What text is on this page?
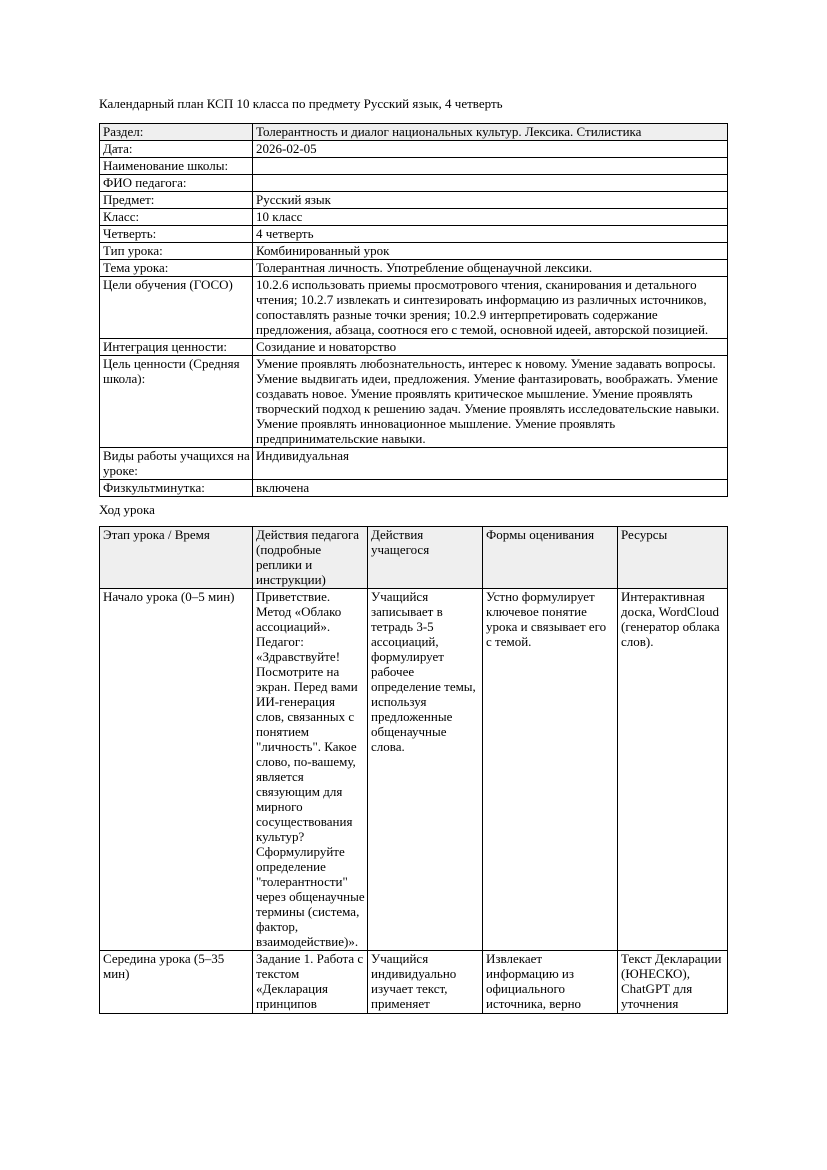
Календарный план КСП 10 класса по предмету Русский язык, 4 четверть

Раздел:	Толерантность и диалог национальных культур. Лексика. Стилистика
Дата:	2026-02-05
Наименование школы:	
ФИО педагога:	
Предмет:	Русский язык
Класс:	10 класс
Четверть:	4 четверть
Тип урока:	Комбинированный урок
Тема урока:	Толерантная личность. Употребление общенаучной лексики.
Цели обучения (ГОСО)	10.2.6 использовать приемы просмотрового чтения, сканирования и детального чтения; 10.2.7 извлекать и синтезировать информацию из различных источников, сопоставлять разные точки зрения; 10.2.9 интерпретировать содержание предложения, абзаца, соотнося его с темой, основной идеей, авторской позицией.
Интеграция ценности:	Созидание и новаторство
Цель ценности (Средняя школа):	Умение проявлять любознательность, интерес к новому. Умение задавать вопросы. Умение выдвигать идеи, предложения. Умение фантазировать, воображать. Умение создавать новое. Умение проявлять критическое мышление. Умение проявлять творческий подход к решению задач. Умение проявлять исследовательские навыки. Умение проявлять инновационное мышление. Умение проявлять предпринимательские навыки.
Виды работы учащихся на уроке:	Индивидуальная
Физкультминутка:	включена

Ход урока

Этап урока / Время	Действия педагога (подробные реплики и инструкции)	Действия учащегося	Формы оценивания	Ресурсы
Начало урока (0–5 мин)	Приветствие. Метод «Облако ассоциаций». Педагог: «Здравствуйте! Посмотрите на экран. Перед вами ИИ-генерация слов, связанных с понятием "личность". Какое слово, по-вашему, является связующим для мирного сосуществования культур? Сформулируйте определение "толерантности" через общенаучные термины (система, фактор, взаимодействие)».	Учащийся записывает в тетрадь 3-5 ассоциаций, формулирует рабочее определение темы, используя предложенные общенаучные слова.	Устно формулирует ключевое понятие урока и связывает его с темой.	Интерактивная доска, WordCloud (генератор облака слов).

Середина урока (5–35 мин)	Задание 1. Работа с текстом «Декларация принципов	Учащийся индивидуально изучает текст, применяет	Извлекает информацию из официального источника, верно	Текст Декларации (ЮНЕСКО), ChatGPT для уточнения
